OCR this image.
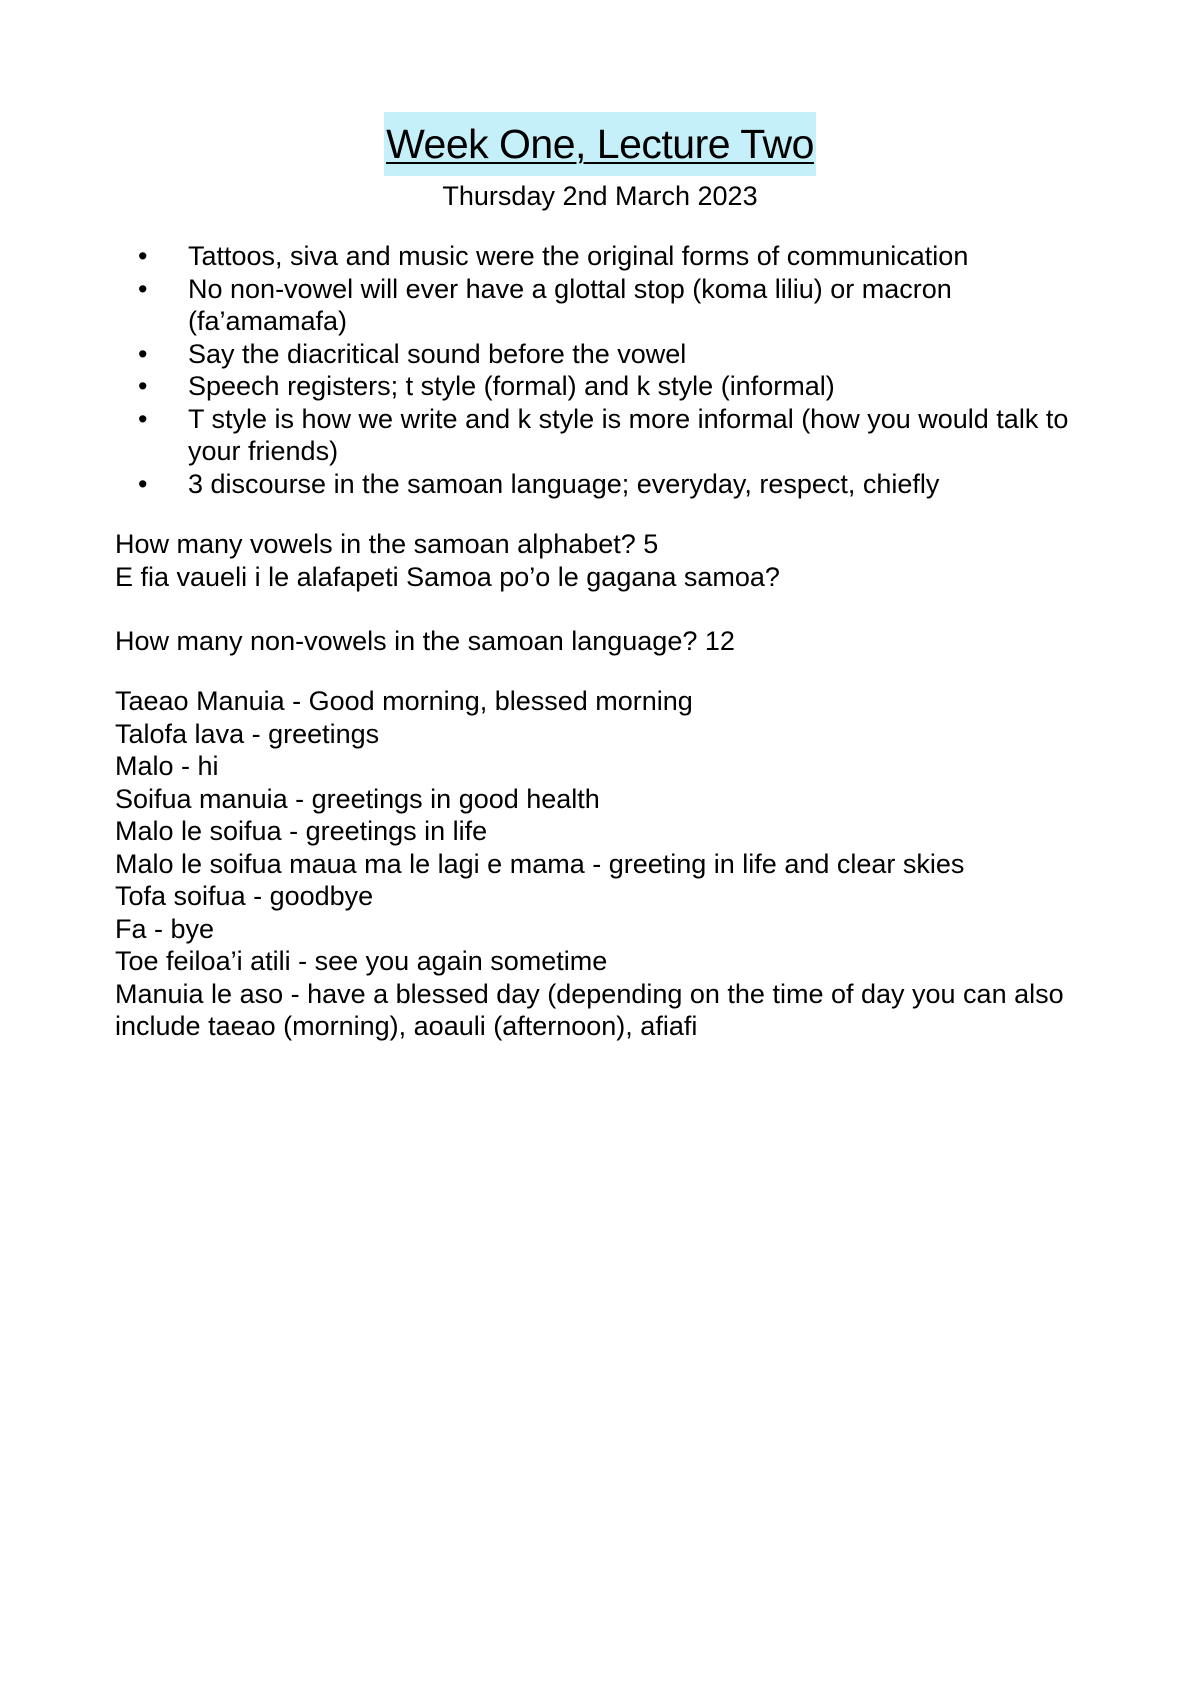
Week One, Lecture Two
Thursday 2nd March 2023
• Tattoos, siva and music were the original forms of communication
• No non-vowel will ever have a glottal stop (koma liliu) or macron (fa’amamafa)
• Say the diacritical sound before the vowel
• Speech registers; t style (formal) and k style (informal)
• T style is how we write and k style is more informal (how you would talk to your friends)
• 3 discourse in the samoan language; everyday, respect, chiefly

How many vowels in the samoan alphabet? 5

E fia vaueli i le alafapeti Samoa po’o le gagana samoa?

How many non-vowels in the samoan language? 12

Taeao Manuia - Good morning, blessed morning

Talofa lava - greetings

Malo - hi

Soifua manuia - greetings in good health

Malo le soifua - greetings in life

Malo le soifua maua ma le lagi e mama - greeting in life and clear skies

Tofa soifua - goodbye

Fa - bye

Toe feiloa’i atili - see you again sometime

Manuia le aso - have a blessed day (depending on the time of day you can also include taeao (morning), aoauli (afternoon), afiafi
